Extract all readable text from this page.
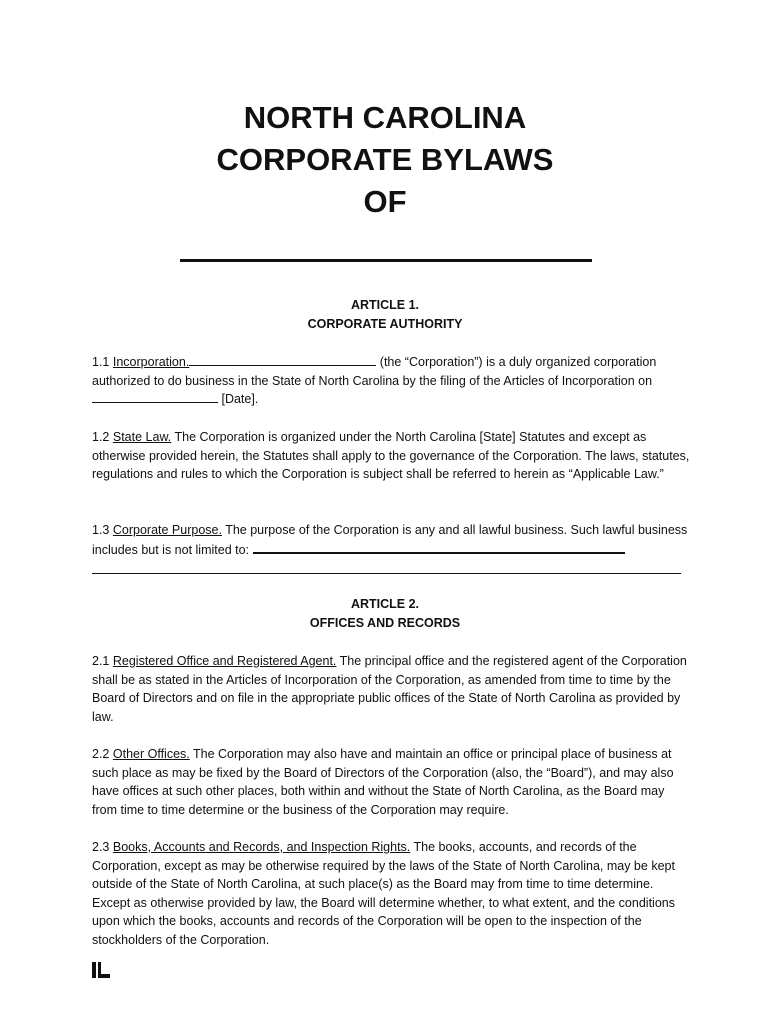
NORTH CAROLINA
CORPORATE BYLAWS
OF
ARTICLE 1.
CORPORATE AUTHORITY

1.1 Incorporation.	(the “Corporation”) is a duly organized corporation authorized to do business in the State of North Carolina by the filing of the Articles of Incorporation on  [Date].

1.2 State Law. The Corporation is organized under the North Carolina [State] Statutes and except as otherwise provided herein, the Statutes shall apply to the governance of the Corporation. The laws, statutes, regulations and rules to which the Corporation is subject shall be referred to herein as “Applicable Law.”

1.3 Corporate Purpose. The purpose of the Corporation is any and all lawful business. Such lawful business includes but is not limited to:

ARTICLE 2.
OFFICES AND RECORDS

2.1 Registered Office and Registered Agent. The principal office and the registered agent of the Corporation shall be as stated in the Articles of Incorporation of the Corporation, as amended from time to time by the Board of Directors and on file in the appropriate public offices of the State of North Carolina as provided by law.

2.2 Other Offices. The Corporation may also have and maintain an office or principal place of business at such place as may be fixed by the Board of Directors of the Corporation (also, the “Board”), and may also have offices at such other places, both within and without the State of North Carolina, as the Board may from time to time determine or the business of the Corporation may require.

2.3 Books, Accounts and Records, and Inspection Rights. The books, accounts, and records of the Corporation, except as may be otherwise required by the laws of the State of North Carolina, may be kept outside of the State of North Carolina, at such place(s) as the Board may from time to time determine. Except as otherwise provided by law, the Board will determine whether, to what extent, and the conditions upon which the books, accounts and records of the Corporation will be open to the inspection of the stockholders of the Corporation.
